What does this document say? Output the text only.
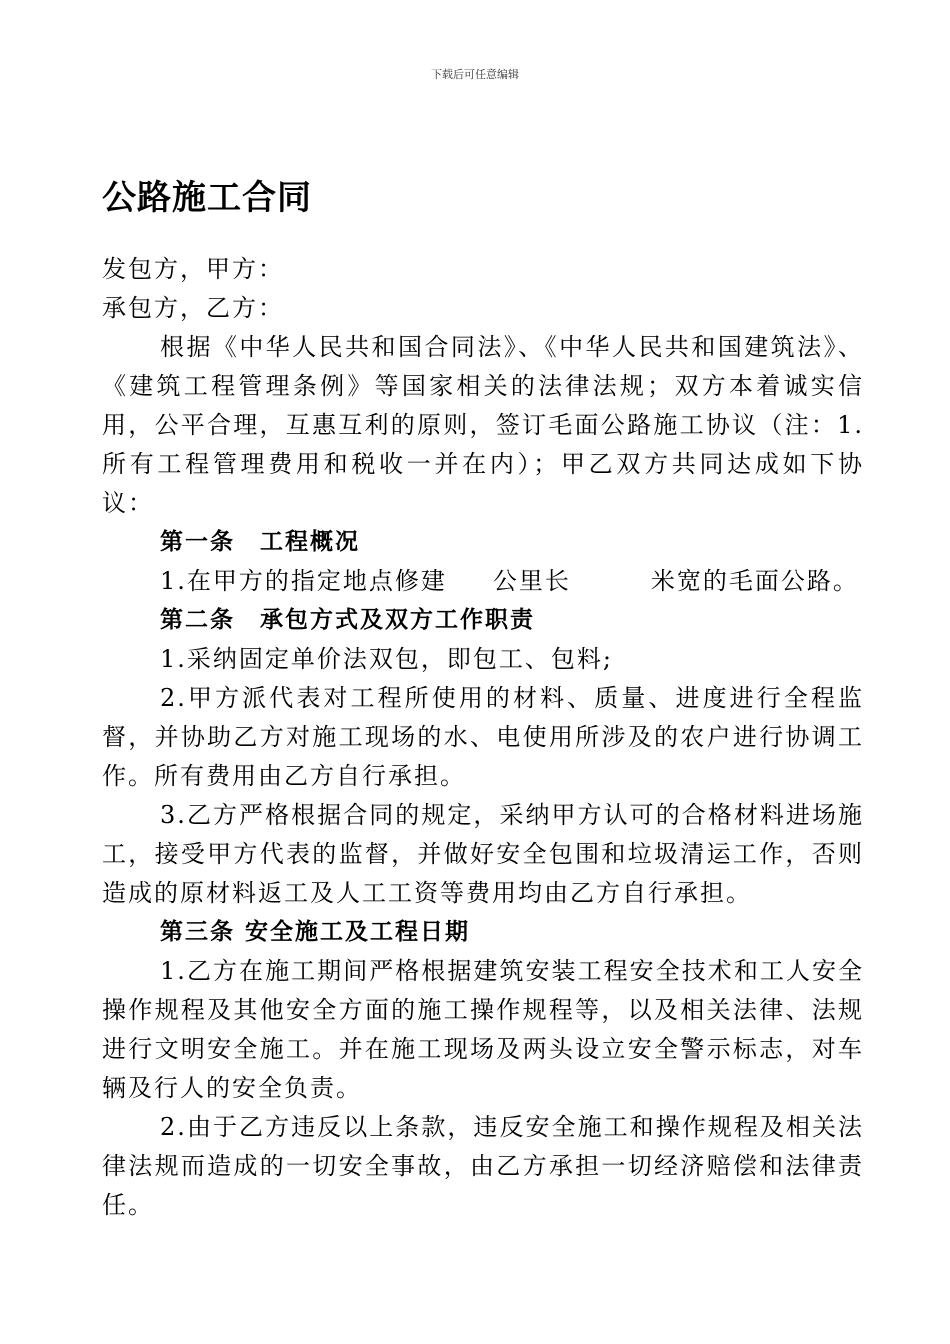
下载后可任意编辑
公路施工合同

发包方，甲方：

承包方，乙方：

根据《中华人民共和国合同法》、《中华人民共和国建筑法》、《建筑工程管理条例》等国家相关的法律法规；双方本着诚实信用，公平合理，互惠互利的原则，签订毛面公路施工协议（注：1.所有工程管理费用和税收一并在内）；甲乙双方共同达成如下协议：

第一条　工程概况

1.在甲方的指定地点修建 公里长	米宽的毛面公路。

第二条　承包方式及双方工作职责

1.采纳固定单价法双包，即包工、包料;

2.甲方派代表对工程所使用的材料、质量、进度进行全程监督，并协助乙方对施工现场的水、电使用所涉及的农户进行协调工作。所有费用由乙方自行承担。

3.乙方严格根据合同的规定，采纳甲方认可的合格材料进场施工，接受甲方代表的监督，并做好安全包围和垃圾清运工作，否则造成的原材料返工及人工工资等费用均由乙方自行承担。

第三条 安全施工及工程日期

1.乙方在施工期间严格根据建筑安装工程安全技术和工人安全操作规程及其他安全方面的施工操作规程等，以及相关法律、法规进行文明安全施工。并在施工现场及两头设立安全警示标志，对车辆及行人的安全负责。

2.由于乙方违反以上条款，违反安全施工和操作规程及相关法律法规而造成的一切安全事故，由乙方承担一切经济赔偿和法律责任。
